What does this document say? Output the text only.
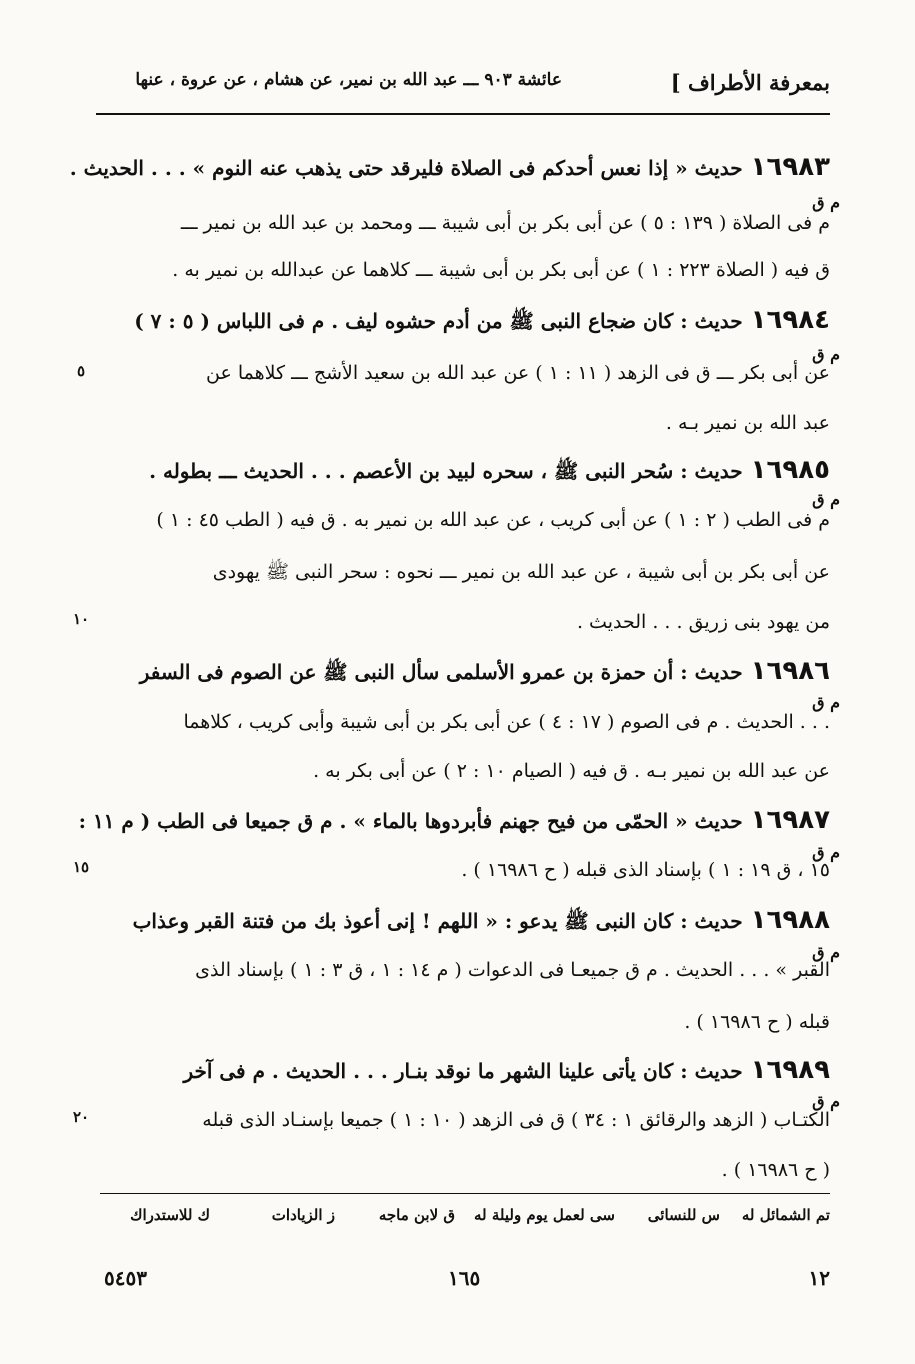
بمعرفة الأطراف ]
عائشة ٩٠٣ ـــ عبد الله بن نمير، عن هشام ، عن عروة ، عنها
١٦٩٨٣حديث « إذا نعس أحدكم فى الصلاة فليرقد حتى يذهب عنه النوم » . . . الحديث .
م ق
م فى الصلاة ( ١٣٩ : ٥ ) عن أبى بكر بن أبى شيبة ـــ ومحمد بن عبد الله بن نمير ـــ
ق فيه ( الصلاة ٢٢٣ : ١ ) عن أبى بكر بن أبى شيبة ـــ كلاهما عن عبدالله بن نمير به .
١٦٩٨٤حديث : كان ضجاع النبى ﷺ من أدم حشوه ليف . م فى اللباس ( ٥ : ٧ )
م ق
عن أبى بكر ـــ ق فى الزهد ( ١١ : ١ ) عن عبد الله بن سعيد الأشج ـــ كلاهما عن
٥
عبد الله بن نمير بـه .
١٦٩٨٥حديث : سُحر النبى ﷺ ، سحره لبيد بن الأعصم . . . الحديث ـــ بطوله .
م ق
م فى الطب ( ٢ : ١ ) عن أبى كريب ، عن عبد الله بن نمير به . ق فيه ( الطب ٤٥ : ١ )
عن أبى بكر بن أبى شيبة ، عن عبد الله بن نمير ـــ نحوه : سحر النبى ﷺ يهودى
من يهود بنى زريق . . . الحديث .
١٠
١٦٩٨٦حديث : أن حمزة بن عمرو الأسلمى سأل النبى ﷺ عن الصوم فى السفر
م ق
. . . الحديث . م فى الصوم ( ١٧ : ٤ ) عن أبى بكر بن أبى شيبة وأبى كريب ، كلاهما
عن عبد الله بن نمير بـه . ق فيه ( الصيام ١٠ : ٢ ) عن أبى بكر به .
١٦٩٨٧حديث « الحمّى من فيح جهنم فأبردوها بالماء » . م ق جميعا فى الطب ( م ١١ :
م ق
١٥ ، ق ١٩ : ١ ) بإسناد الذى قبله ( ح ١٦٩٨٦ ) .
١٥
١٦٩٨٨حديث : كان النبى ﷺ يدعو : « اللهم ! إنى أعوذ بك من فتنة القبر وعذاب
م ق
القبر » . . . الحديث . م ق جميعـا فى الدعوات ( م ١٤ : ١ ، ق ٣ : ١ ) بإسناد الذى
قبله ( ح ١٦٩٨٦ ) .
١٦٩٨٩حديث : كان يأتى علينا الشهر ما نوقد بنـار . . . الحديث . م فى آخر
م ق
الكتـاب ( الزهد والرقائق ١ : ٣٤ ) ق فى الزهد ( ١٠ : ١ ) جميعا بإسنـاد الذى قبله
٢٠
( ح ١٦٩٨٦ ) .
تم الشمائل له
س للنسائى
سى لعمل يوم وليلة له
ق لابن ماجه
ز الزيادات
ك للاستدراك
١٢
١٦٥
٥٤٥٣
